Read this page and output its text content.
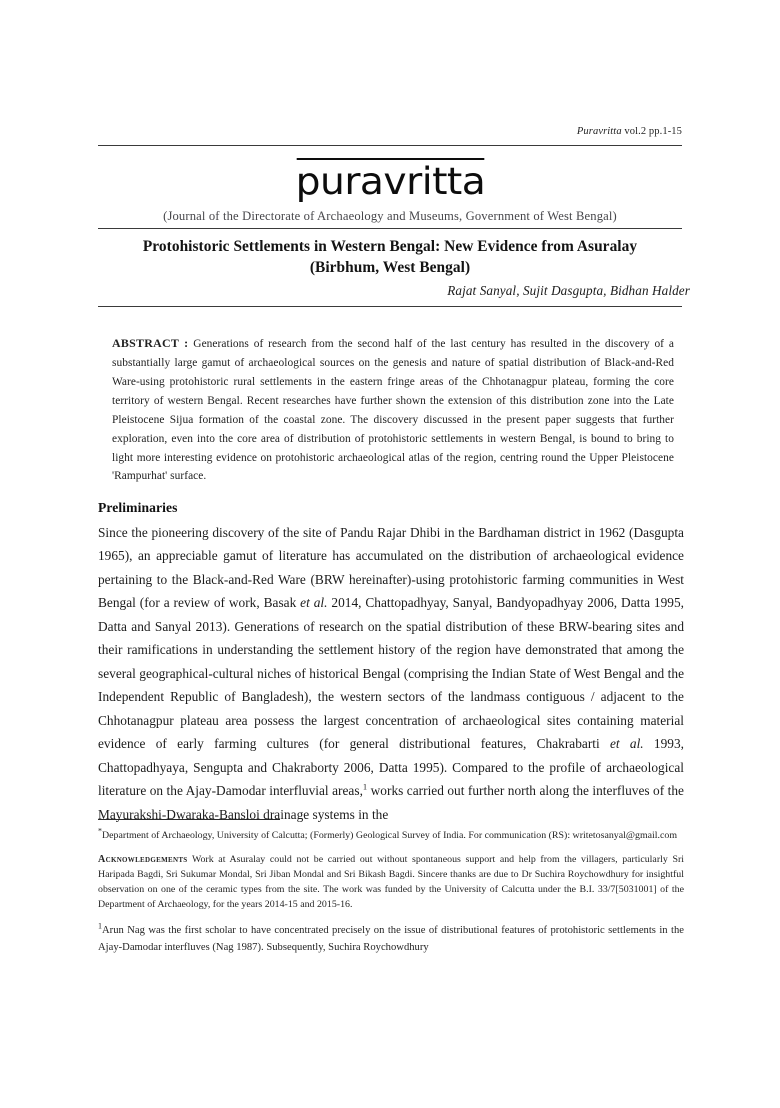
Puravritta vol.2 pp.1-15
puravritta
(Journal of the Directorate of Archaeology and Museums, Government of West Bengal)
Protohistoric Settlements in Western Bengal: New Evidence from Asuralay
(Birbhum, West Bengal)
Rajat Sanyal, Sujit Dasgupta, Bidhan Halder
ABSTRACT : Generations of research from the second half of the last century has resulted in the discovery of a substantially large gamut of archaeological sources on the genesis and nature of spatial distribution of Black-and-Red Ware-using protohistoric rural settlements in the eastern fringe areas of the Chhotanagpur plateau, forming the core territory of western Bengal. Recent researches have further shown the extension of this distribution zone into the Late Pleistocene Sijua formation of the coastal zone. The discovery discussed in the present paper suggests that further exploration, even into the core area of distribution of protohistoric settlements in western Bengal, is bound to bring to light more interesting evidence on protohistoric archaeological atlas of the region, centring round the Upper Pleistocene 'Rampurhat' surface.
Preliminaries
Since the pioneering discovery of the site of Pandu Rajar Dhibi in the Bardhaman district in 1962 (Dasgupta 1965), an appreciable gamut of literature has accumulated on the distribution of archaeological evidence pertaining to the Black-and-Red Ware (BRW hereinafter)-using protohistoric farming communities in West Bengal (for a review of work, Basak et al. 2014, Chattopadhyay, Sanyal, Bandyopadhyay 2006, Datta 1995, Datta and Sanyal 2013). Generations of research on the spatial distribution of these BRW-bearing sites and their ramifications in understanding the settlement history of the region have demonstrated that among the several geographical-cultural niches of historical Bengal (comprising the Indian State of West Bengal and the Independent Republic of Bangladesh), the western sectors of the landmass contiguous / adjacent to the Chhotanagpur plateau area possess the largest concentration of archaeological sites containing material evidence of early farming cultures (for general distributional features, Chakrabarti et al. 1993, Chattopadhyaya, Sengupta and Chakraborty 2006, Datta 1995). Compared to the profile of archaeological literature on the Ajay-Damodar interfluvial areas,$^1$ works carried out further north along the interfluves of the Mayurakshi-Dwaraka-Bansloi drainage systems in the
*Department of Archaeology, University of Calcutta; (Formerly) Geological Survey of India. For communication (RS): writetosanyal@gmail.com
Acknowledgements Work at Asuralay could not be carried out without spontaneous support and help from the villagers, particularly Sri Haripada Bagdi, Sri Sukumar Mondal, Sri Jiban Mondal and Sri Bikash Bagdi. Sincere thanks are due to Dr Suchira Roychowdhury for insightful observation on one of the ceramic types from the site. The work was funded by the University of Calcutta under the B.I. 33/7[5031001] of the Department of Archaeology, for the years 2014-15 and 2015-16.
$^1$Arun Nag was the first scholar to have concentrated precisely on the issue of distributional features of protohistoric settlements in the Ajay-Damodar interfluves (Nag 1987). Subsequently, Suchira Roychowdhury
